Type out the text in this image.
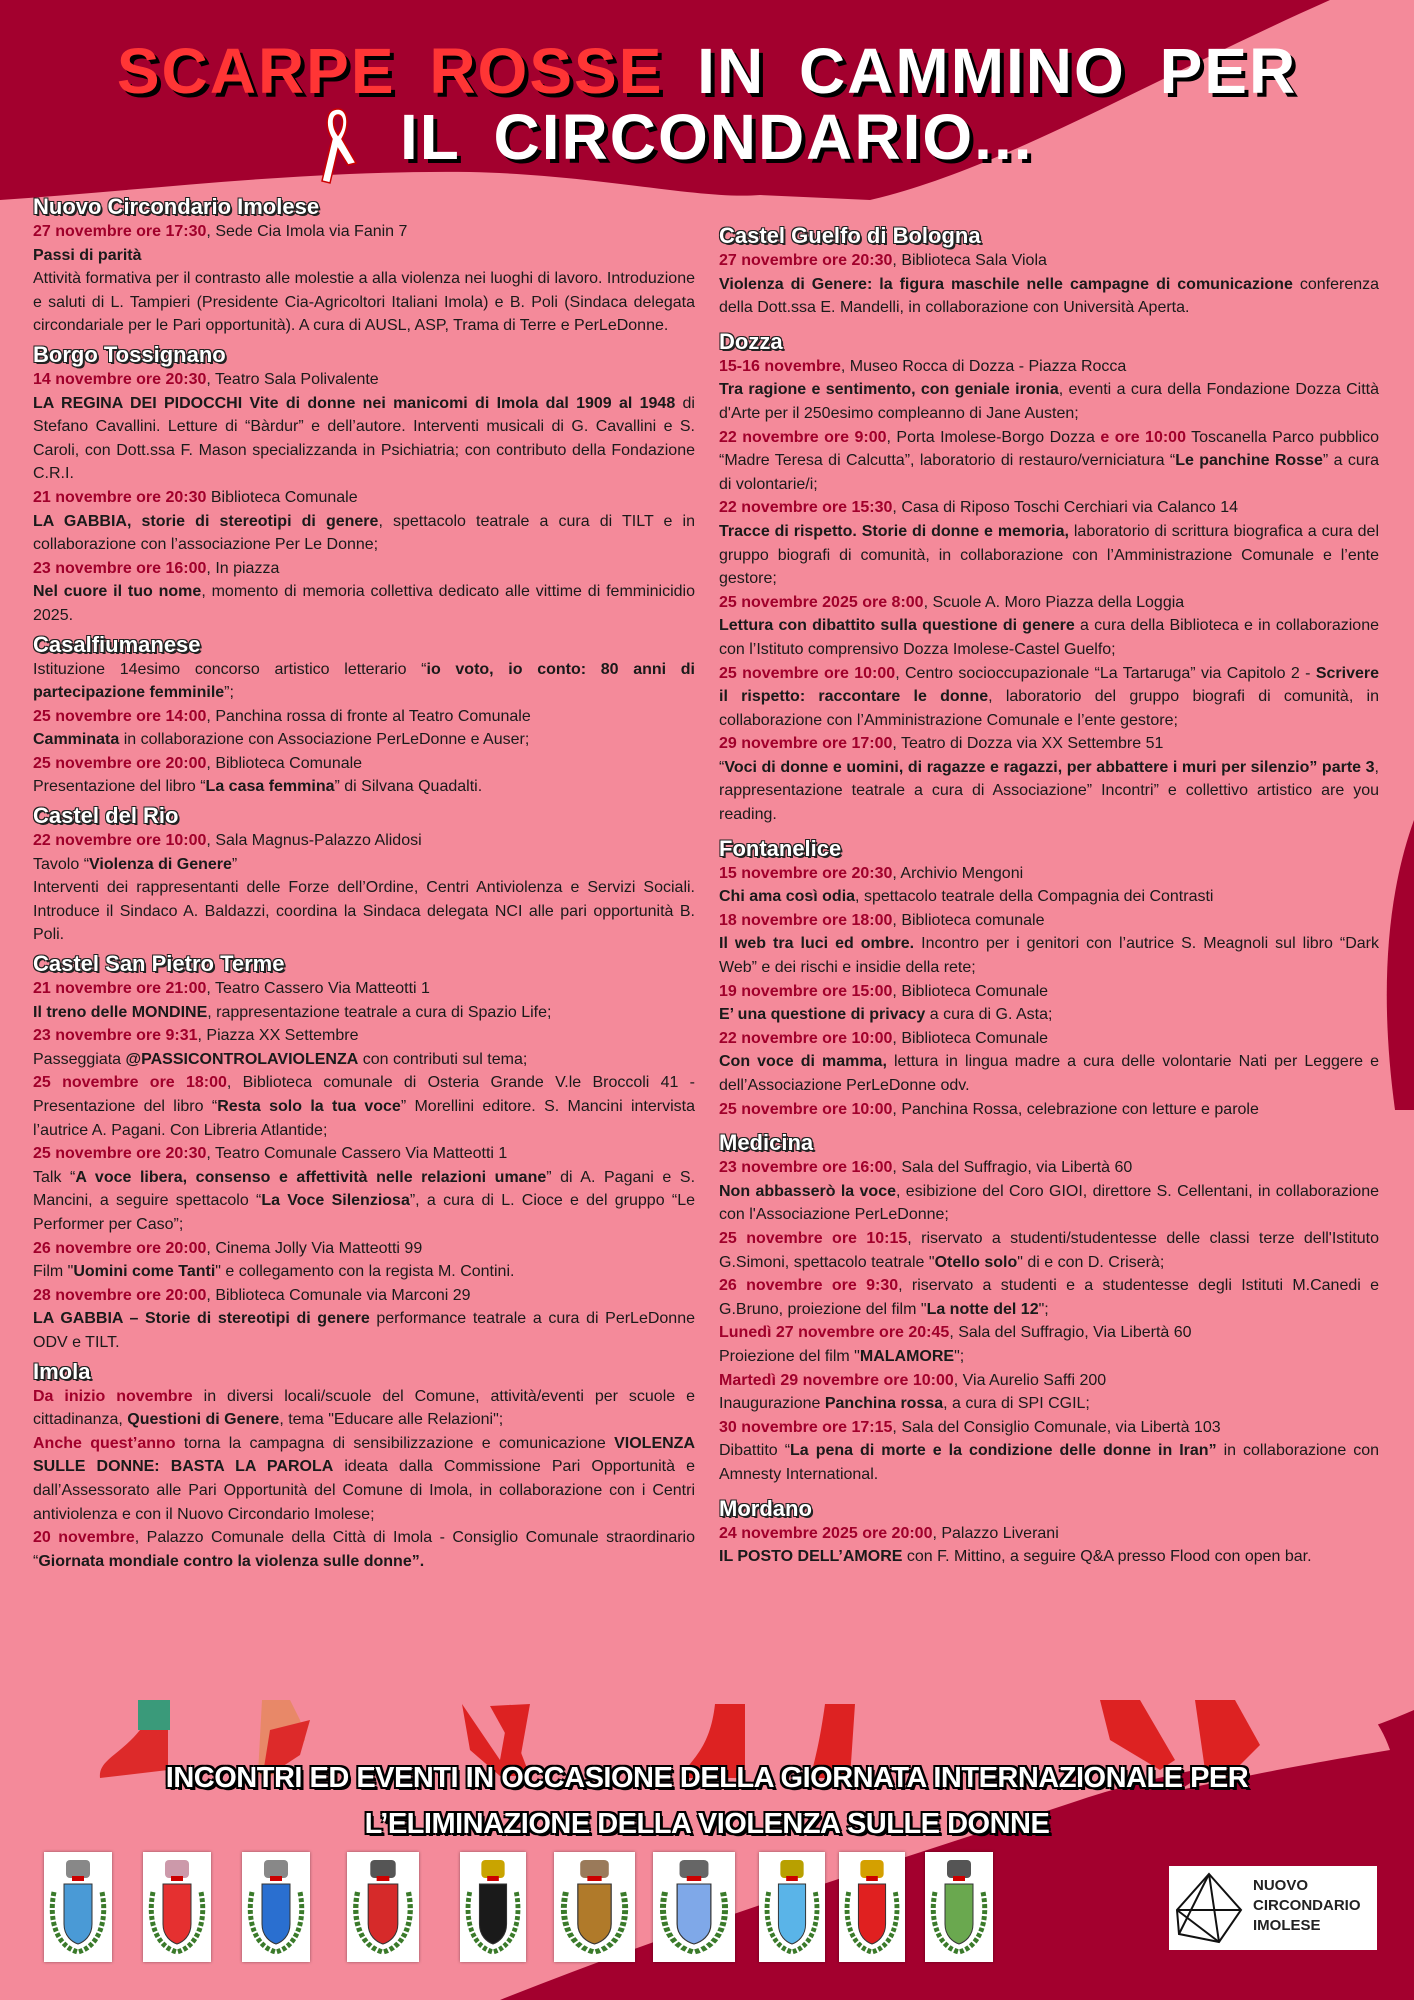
SCARPE ROSSE IN CAMMINO PER
IL CIRCONDARIO...
Nuovo Circondario Imolese

27 novembre ore 17:30, Sede Cia Imola via Fanin 7

Passi di parità

Attività formativa per il contrasto alle molestie a alla violenza nei luoghi di lavoro. Introduzione e saluti di L. Tampieri (Presidente Cia-Agricoltori Italiani Imola) e B. Poli (Sindaca delegata circondariale per le Pari opportunità). A cura di AUSL, ASP, Trama di Terre e PerLeDonne.

Borgo Tossignano

14 novembre ore 20:30, Teatro Sala Polivalente

LA REGINA DEI PIDOCCHI Vite di donne nei manicomi di Imola dal 1909 al 1948 di Stefano Cavallini. Letture di “Bàrdur” e dell’autore. Interventi musicali di G. Cavallini e S. Caroli, con Dott.ssa F. Mason specializzanda in Psichiatria; con contributo della Fondazione C.R.I.

21 novembre ore 20:30 Biblioteca Comunale

LA GABBIA, storie di stereotipi di genere, spettacolo teatrale a cura di TILT e in collaborazione con l’associazione Per Le Donne;

23 novembre ore 16:00, In piazza

Nel cuore il tuo nome, momento di memoria collettiva dedicato alle vittime di femminicidio 2025.

Casalfiumanese

Istituzione 14esimo concorso artistico letterario “io voto, io conto: 80 anni di partecipazione femminile”;

25 novembre ore 14:00, Panchina rossa di fronte al Teatro Comunale

Camminata in collaborazione con Associazione PerLeDonne e Auser;

25 novembre ore 20:00, Biblioteca Comunale

Presentazione del libro “La casa femmina” di Silvana Quadalti.

Castel del Rio

22 novembre ore 10:00, Sala Magnus-Palazzo Alidosi

Tavolo “Violenza di Genere”

Interventi dei rappresentanti delle Forze dell’Ordine, Centri Antiviolenza e Servizi Sociali. Introduce il Sindaco A. Baldazzi, coordina la Sindaca delegata NCI alle pari opportunità B. Poli.

Castel San Pietro Terme

21 novembre ore 21:00, Teatro Cassero Via Matteotti 1

Il treno delle MONDINE, rappresentazione teatrale a cura di Spazio Life;

23 novembre ore 9:31, Piazza XX Settembre

Passeggiata @PASSICONTROLAVIOLENZA con contributi sul tema;

25 novembre ore 18:00, Biblioteca comunale di Osteria Grande V.le Broccoli 41 - Presentazione del libro “Resta solo la tua voce” Morellini editore. S. Mancini intervista l’autrice A. Pagani. Con Libreria Atlantide;

25 novembre ore 20:30, Teatro Comunale Cassero Via Matteotti 1

Talk “A voce libera, consenso e affettività nelle relazioni umane” di A. Pagani e S. Mancini, a seguire spettacolo “La Voce Silenziosa”, a cura di L. Cioce e del gruppo “Le Performer per Caso”;

26 novembre ore 20:00, Cinema Jolly Via Matteotti 99

Film "Uomini come Tanti" e collegamento con la regista M. Contini.

28 novembre ore 20:00, Biblioteca Comunale via Marconi 29

LA GABBIA – Storie di stereotipi di genere performance teatrale a cura di PerLeDonne ODV e TILT.

Imola

Da inizio novembre in diversi locali/scuole del Comune, attività/eventi per scuole e cittadinanza, Questioni di Genere, tema "Educare alle Relazioni";

Anche quest’anno torna la campagna di sensibilizzazione e comunicazione VIOLENZA SULLE DONNE: BASTA LA PAROLA ideata dalla Commissione Pari Opportunità e dall’Assessorato alle Pari Opportunità del Comune di Imola, in collaborazione con i Centri antiviolenza e con il Nuovo Circondario Imolese;

20 novembre, Palazzo Comunale della Città di Imola - Consiglio Comunale straordinario “Giornata mondiale contro la violenza sulle donne”.

Castel Guelfo di Bologna

27 novembre ore 20:30, Biblioteca Sala Viola

Violenza di Genere: la figura maschile nelle campagne di comunicazione conferenza della Dott.ssa E. Mandelli, in collaborazione con Università Aperta.

Dozza

15-16 novembre, Museo Rocca di Dozza - Piazza Rocca

Tra ragione e sentimento, con geniale ironia, eventi a cura della Fondazione Dozza Città d'Arte per il 250esimo compleanno di Jane Austen;

22 novembre ore 9:00, Porta Imolese-Borgo Dozza e ore 10:00 Toscanella Parco pubblico “Madre Teresa di Calcutta”, laboratorio di restauro/verniciatura “Le panchine Rosse” a cura di volontarie/i;

22 novembre ore 15:30, Casa di Riposo Toschi Cerchiari via Calanco 14

Tracce di rispetto. Storie di donne e memoria, laboratorio di scrittura biografica a cura del gruppo biografi di comunità, in collaborazione con l’Amministrazione Comunale e l’ente gestore;

25 novembre 2025 ore 8:00, Scuole A. Moro Piazza della Loggia

Lettura con dibattito sulla questione di genere a cura della Biblioteca e in collaborazione con l’Istituto comprensivo Dozza Imolese-Castel Guelfo;

25 novembre ore 10:00, Centro socioccupazionale “La Tartaruga” via Capitolo 2 - Scrivere il rispetto: raccontare le donne, laboratorio del gruppo biografi di comunità, in collaborazione con l’Amministrazione Comunale e l’ente gestore;

29 novembre ore 17:00, Teatro di Dozza via XX Settembre 51

“Voci di donne e uomini, di ragazze e ragazzi, per abbattere i muri per silenzio” parte 3, rappresentazione teatrale a cura di Associazione” Incontri” e collettivo artistico are you reading.

Fontanelice

15 novembre ore 20:30, Archivio Mengoni

Chi ama così odia, spettacolo teatrale della Compagnia dei Contrasti

18 novembre ore 18:00, Biblioteca comunale

Il web tra luci ed ombre. Incontro per i genitori con l’autrice S. Meagnoli sul libro “Dark Web” e dei rischi e insidie della rete;

19 novembre ore 15:00, Biblioteca Comunale

E’ una questione di privacy a cura di G. Asta;

22 novembre ore 10:00, Biblioteca Comunale

Con voce di mamma, lettura in lingua madre a cura delle volontarie Nati per Leggere e dell’Associazione PerLeDonne odv.

25 novembre ore 10:00, Panchina Rossa, celebrazione con letture e parole

Medicina

23 novembre ore 16:00, Sala del Suffragio, via Libertà 60

Non abbasserò la voce, esibizione del Coro GIOI, direttore S. Cellentani, in collaborazione con l'Associazione PerLeDonne;

25 novembre ore 10:15, riservato a studenti/studentesse delle classi terze dell'Istituto G.Simoni, spettacolo teatrale "Otello solo" di e con D. Criserà;

26 novembre ore 9:30, riservato a studenti e a studentesse degli Istituti M.Canedi e G.Bruno, proiezione del film "La notte del 12";

Lunedì 27 novembre ore 20:45, Sala del Suffragio, Via Libertà 60

Proiezione del film "MALAMORE";

Martedì 29 novembre ore 10:00, Via Aurelio Saffi 200

Inaugurazione Panchina rossa, a cura di SPI CGIL;

30 novembre ore 17:15, Sala del Consiglio Comunale, via Libertà 103

Dibattito “La pena di morte e la condizione delle donne in Iran” in collaborazione con Amnesty International.

Mordano

24 novembre 2025 ore 20:00, Palazzo Liverani

IL POSTO DELL’AMORE con F. Mittino, a seguire Q&A presso Flood con open bar.

INCONTRI ED EVENTI IN OCCASIONE DELLA GIORNATA INTERNAZIONALE PER
L’ELIMINAZIONE DELLA VIOLENZA SULLE DONNE
NUOVO
CIRCONDARIO
IMOLESE
